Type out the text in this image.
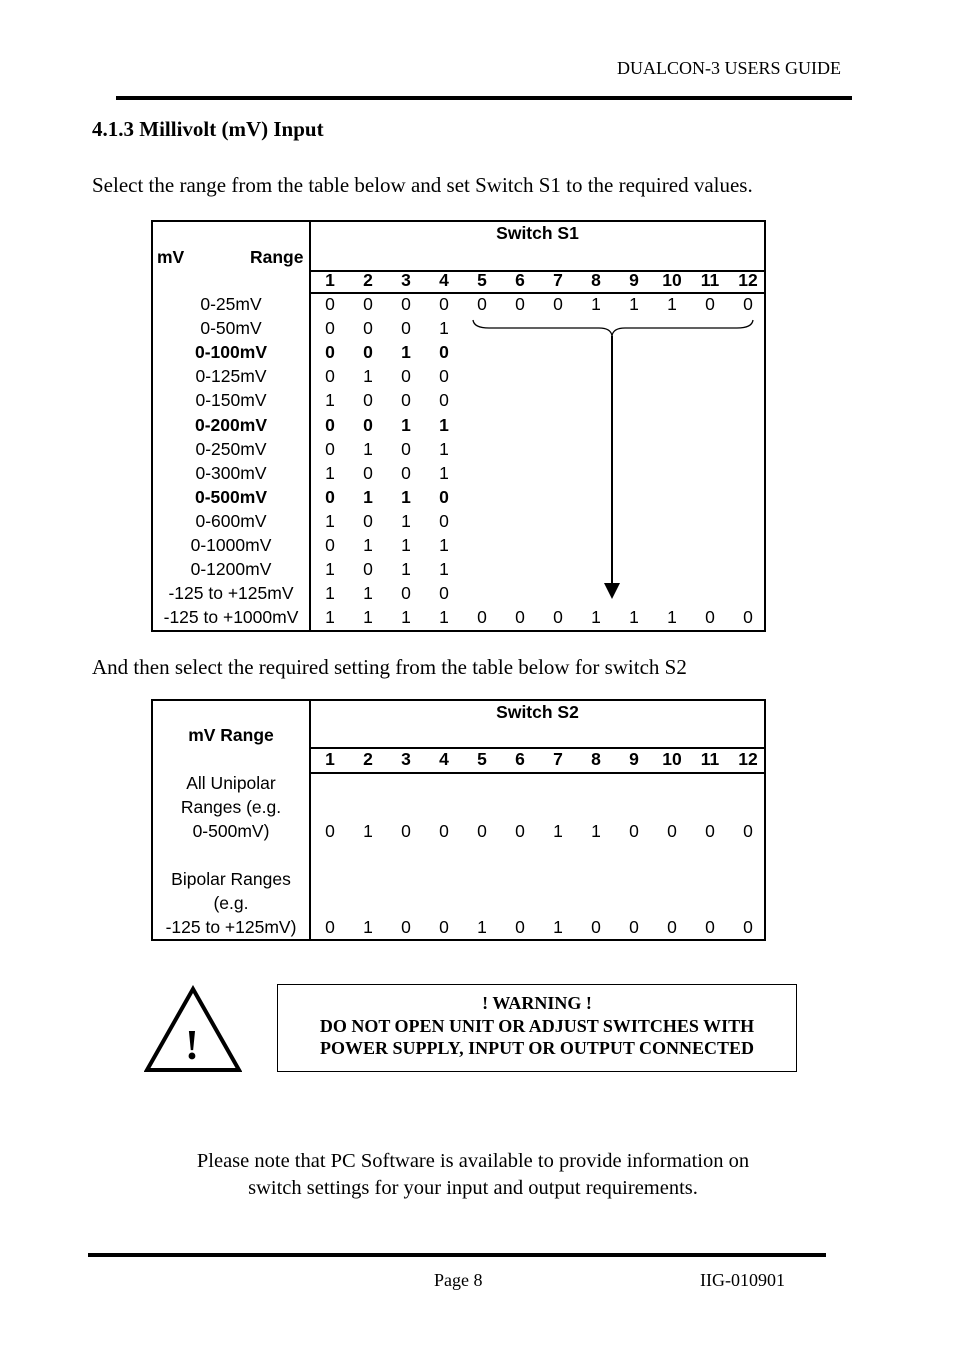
DUALCON-3 USERS GUIDE
4.1.3 Millivolt (mV) Input
Select the range from the table below and set Switch S1 to the required values.
Switch S1
mV	Range
1	2	3	4	5	6	7	8	9	10	11	12
0-25mV	0	0	0	0	0	0	0	1	1	1	0	0
0-50mV	0	0	0	1
0-100mV	0	0	1	0
0-125mV	0	1	0	0
0-150mV	1	0	0	0
0-200mV	0	0	1	1
0-250mV	0	1	0	1
0-300mV	1	0	0	1
0-500mV	0	1	1	0
0-600mV	1	0	1	0
0-1000mV	0	1	1	1
0-1200mV	1	0	1	1
-125 to +125mV	1	1	0	0
-125 to +1000mV	1	1	1	1	0	0	0	1	1	1	0	0
And then select the required setting from the table below for switch S2
Switch S2
mV Range
1	2	3	4	5	6	7	8	9	10	11	12
All Unipolar
Ranges (e.g.
0-500mV)	0	1	0	0	0	0	1	1	0	0	0	0
Bipolar Ranges
(e.g.
-125 to +125mV)	0	1	0	0	1	0	1	0	0	0	0	0
!
! WARNING !
DO NOT OPEN UNIT OR ADJUST SWITCHES WITH
POWER SUPPLY, INPUT OR OUTPUT CONNECTED
Please note that PC Software is available to provide information on
switch settings for your input and output requirements.
Page 8	IIG-010901
